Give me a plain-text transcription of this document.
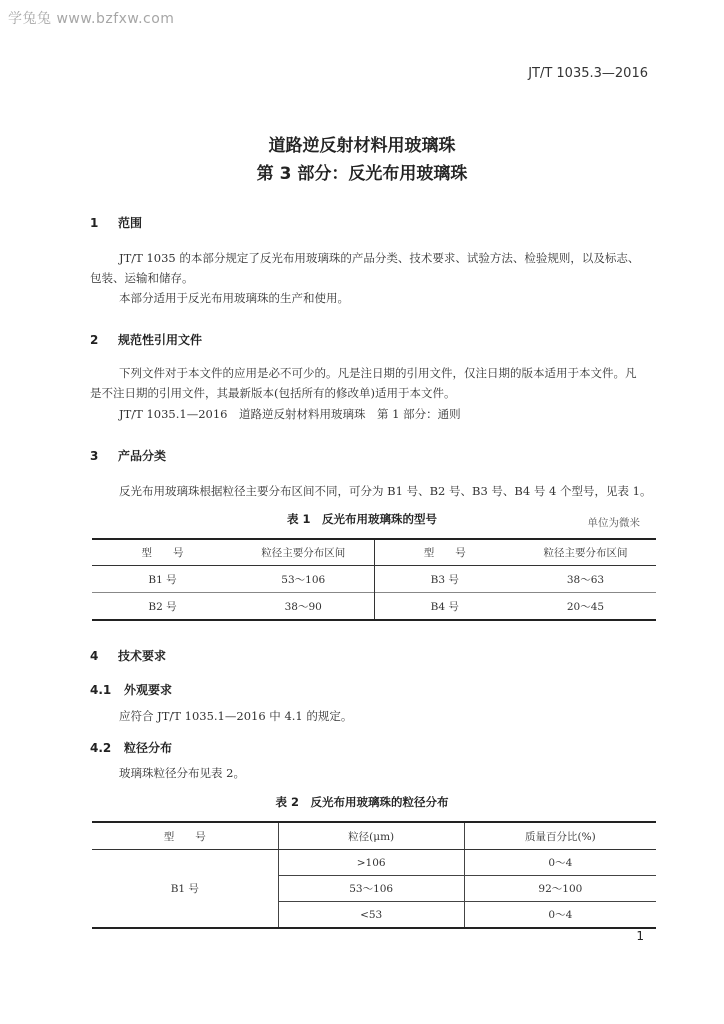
学兔兔 www.bzfxw.com
JT/T 1035.3—2016
道路逆反射材料用玻璃珠
第 3 部分：反光布用玻璃珠
1 范围
JT/T 1035 的本部分规定了反光布用玻璃珠的产品分类、技术要求、试验方法、检验规则，以及标志、包装、运输和储存。
本部分适用于反光布用玻璃珠的生产和使用。
2 规范性引用文件
下列文件对于本文件的应用是必不可少的。凡是注日期的引用文件，仅注日期的版本适用于本文件。凡是不注日期的引用文件，其最新版本(包括所有的修改单)适用于本文件。
JT/T 1035.1—2016　道路逆反射材料用玻璃珠　第 1 部分：通则
3 产品分类
反光布用玻璃珠根据粒径主要分布区间不同，可分为 B1 号、B2 号、B3 号、B4 号 4 个型号，见表 1。
表 1　反光布用玻璃珠的型号	单位为微米
型　　号	粒径主要分布区间	型　　号	粒径主要分布区间
B1 号	53～106	B3 号	38～63
B2 号	38～90	B4 号	20～45
4 技术要求
4.1 外观要求
应符合 JT/T 1035.1—2016 中 4.1 的规定。
4.2 粒径分布
玻璃珠粒径分布见表 2。
表 2　反光布用玻璃珠的粒径分布
型　　号	粒径(μm)	质量百分比(%)
B1 号	>106	0～4
	53～106	92～100
	<53	0～4
1
